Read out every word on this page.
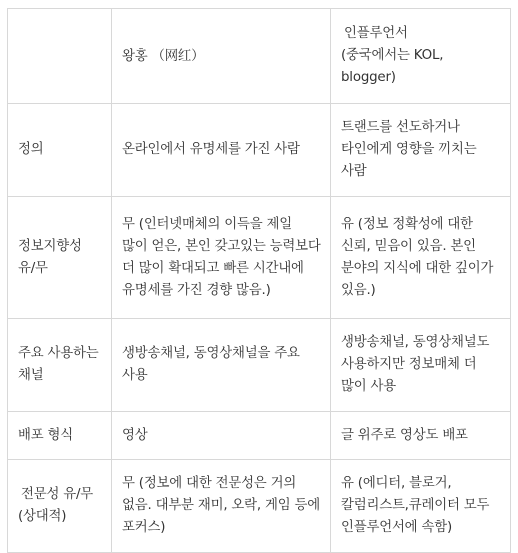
	왕홍 （网红）	인플루언서
(중국에서는 KOL, blogger)

정의	온라인에서 유명세를 가진 사람	트랜드를 선도하거나 타인에게 영향을 끼치는 사람
정보지향성 유/무	무 (인터넷매체의 이득을 제일 많이 얻은, 본인 갖고있는 능력보다 더 많이 확대되고 빠른 시간내에 유명세를 가진 경향 많음.)	유 (정보 정확성에 대한 신뢰, 믿음이 있음. 본인 분야의 지식에 대한 깊이가 있음.)
주요 사용하는 채널	생방송채널, 동영상채널을 주요 사용	생방송채널, 동영상채널도 사용하지만 정보매체 더 많이 사용
배포 형식	영상	글 위주로 영상도 배포

전문성 유/무
(상대적)	무 (정보에 대한 전문성은 거의 없음. 대부분 재미, 오락, 게임 등에 포커스)	유 (에디터, 블로거, 칼럼리스트,큐레이터 모두 인플루언서에 속함)
